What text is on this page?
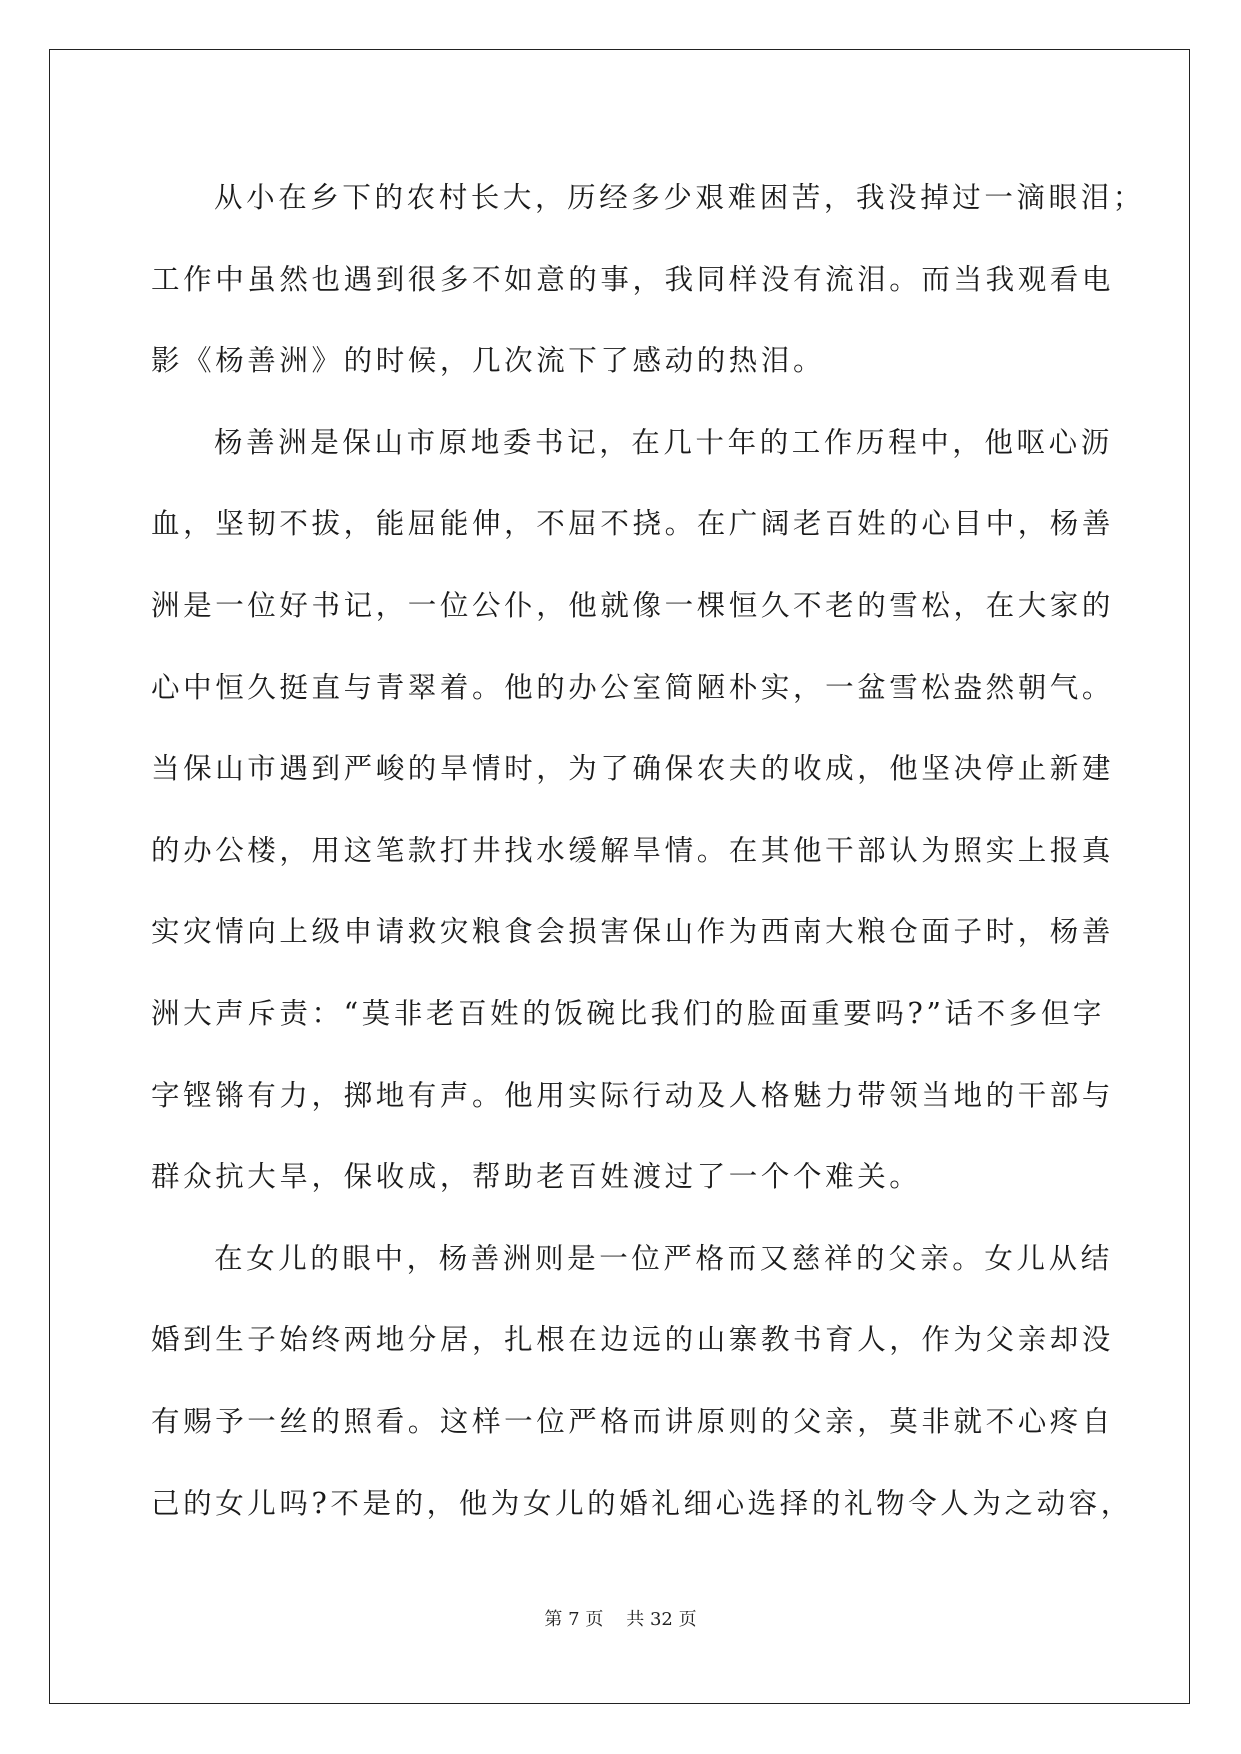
从小在乡下的农村长大，历经多少艰难困苦，我没掉过一滴眼泪；
工作中虽然也遇到很多不如意的事，我同样没有流泪。而当我观看电
影《杨善洲》的时候，几次流下了感动的热泪。
杨善洲是保山市原地委书记，在几十年的工作历程中，他呕心沥
血，坚韧不拔，能屈能伸，不屈不挠。在广阔老百姓的心目中，杨善
洲是一位好书记，一位公仆，他就像一棵恒久不老的雪松，在大家的
心中恒久挺直与青翠着。他的办公室简陋朴实，一盆雪松盎然朝气。
当保山市遇到严峻的旱情时，为了确保农夫的收成，他坚决停止新建
的办公楼，用这笔款打井找水缓解旱情。在其他干部认为照实上报真
实灾情向上级申请救灾粮食会损害保山作为西南大粮仓面子时，杨善
洲大声斥责：“莫非老百姓的饭碗比我们的脸面重要吗?”话不多但字
字铿锵有力，掷地有声。他用实际行动及人格魅力带领当地的干部与
群众抗大旱，保收成，帮助老百姓渡过了一个个难关。
在女儿的眼中，杨善洲则是一位严格而又慈祥的父亲。女儿从结
婚到生子始终两地分居，扎根在边远的山寨教书育人，作为父亲却没
有赐予一丝的照看。这样一位严格而讲原则的父亲，莫非就不心疼自
己的女儿吗?不是的，他为女儿的婚礼细心选择的礼物令人为之动容，
第 7 页 共 32 页
